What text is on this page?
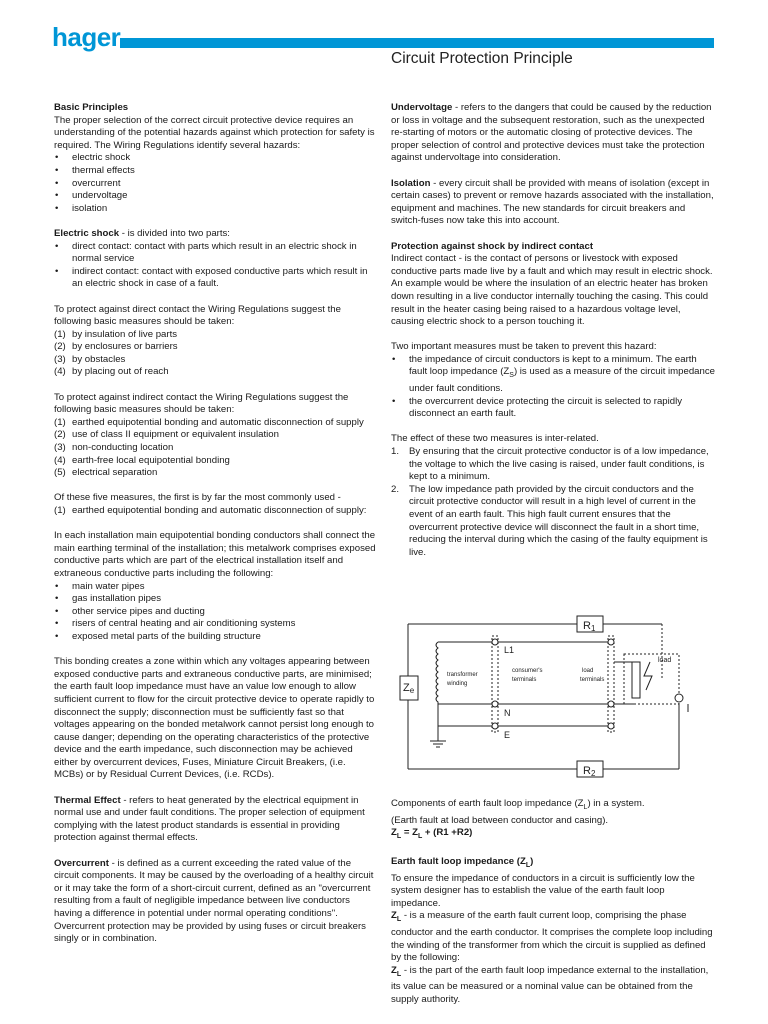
hager
Circuit Protection Principle
Basic Principles
The proper selection of the correct circuit protective device requires an understanding of the potential hazards against which protection for safety is required. The Wiring Regulations identify several hazards:
• electric shock
• thermal effects
• overcurrent
• undervoltage
• isolation
Electric shock - is divided into two parts:
• direct contact: contact with parts which result in an electric shock in normal service
• indirect contact: contact with exposed conductive parts which result in an electric shock in case of a fault.
To protect against direct contact the Wiring Regulations suggest the following basic measures should be taken:
(1) by insulation of live parts
(2) by enclosures or barriers
(3) by obstacles
(4) by placing out of reach
To protect against indirect contact the Wiring Regulations suggest the following basic measures should be taken:
(1) earthed equipotential bonding and automatic disconnection of supply
(2) use of class II equipment or equivalent insulation
(3) non-conducting location
(4) earth-free local equipotential bonding
(5) electrical separation
Of these five measures, the first is by far the most commonly used -
(1) earthed equipotential bonding and automatic disconnection of supply:
In each installation main equipotential bonding conductors shall connect the main earthing terminal of the installation; this metalwork comprises exposed conductive parts which are part of the electrical installation itself and extraneous conductive parts including the following:
• main water pipes
• gas installation pipes
• other service pipes and ducting
• risers of central heating and air conditioning systems
• exposed metal parts of the building structure

This bonding creates a zone within which any voltages appearing between exposed conductive parts and extraneous conductive parts, are minimised; the earth fault loop impedance must have an value low enough to allow sufficient current to flow for the circuit protective device to operate rapidly to disconnect the supply; disconnection must be sufficiently fast so that voltages appearing on the bonded metalwork cannot persist long enough to cause danger; depending on the operating characteristics of the protective device and the earth impedance, such disconnection may be achieved either by overcurrent devices, Fuses, Miniature Circuit Breakers, (i.e. MCBs) or by Residual Current Devices, (i.e. RCDs).

Thermal Effect - refers to heat generated by the electrical equipment in normal use and under fault conditions. The proper selection of equipment complying with the latest product standards is essential in providing protection against thermal effects.

Overcurrent - is defined as a current exceeding the rated value of the circuit components. It may be caused by the overloading of a healthy circuit or it may take the form of a short-circuit current, defined as an "overcurrent resulting from a fault of negligible impedance between live conductors having a difference in potential under normal operating conditions". Overcurrent protection may be provided by using fuses or circuit breakers singly or in combination.

Undervoltage - refers to the dangers that could be caused by the reduction or loss in voltage and the subsequent restoration, such as the unexpected re-starting of motors or the automatic closing of protective devices. The proper selection of control and protective devices must take the protection against undervoltage into consideration.

Isolation - every circuit shall be provided with means of isolation (except in certain cases) to prevent or remove hazards associated with the installation, equipment and machines. The new standards for circuit breakers and switch-fuses now take this into account.

Protection against shock by indirect contact

Indirect contact - is the contact of persons or livestock with exposed conductive parts made live by a fault and which may result in electric shock. An example would be where the insulation of an electric heater has broken down resulting in a live conductor internally touching the casing. This could result in the heater casing being raised to a hazardous voltage level, causing electric shock to a person touching it.

Two important measures must be taken to prevent this hazard:
• the impedance of circuit conductors is kept to a minimum. The earth fault loop impedance $(Z_S)$ is used as a measure of the circuit impedance under fault conditions.
• the overcurrent device protecting the circuit is selected to rapidly disconnect an earth fault.
The effect of these two measures is inter-related.
1. By ensuring that the circuit protective conductor is of a low impedance, the voltage to which the live casing is raised, under fault conditions, is kept to a minimum.
2. The low impedance path provided by the circuit conductors and the circuit protective conductor will result in a high level of current in the event of an earth fault. This high fault current ensures that the overcurrent protective device will disconnect the fault in a short time, reducing the interval during which the casing of the faulty equipment is live.
R1
R2
Ze
L1
N
E
transformer
winding
consumer's
terminals
load
terminals
load
Components of earth fault loop impedance $(Z_L)$ in a system.
(Earth fault at load between conductor and casing).

$Z_L = Z_L + (R1 +R2)$

Earth fault loop impedance $(Z_L)$
To ensure the impedance of conductors in a circuit is sufficiently low the system designer has to establish the value of the earth fault loop impedance.
$Z_L$ - is a measure of the earth fault current loop, comprising the phase conductor and the earth conductor. It comprises the complete loop including the winding of the transformer from which the circuit is supplied as defined by the following:
$Z_L$ - is the part of the earth fault loop impedance external to the installation, its value can be measured or a nominal value can be obtained from the supply authority.
